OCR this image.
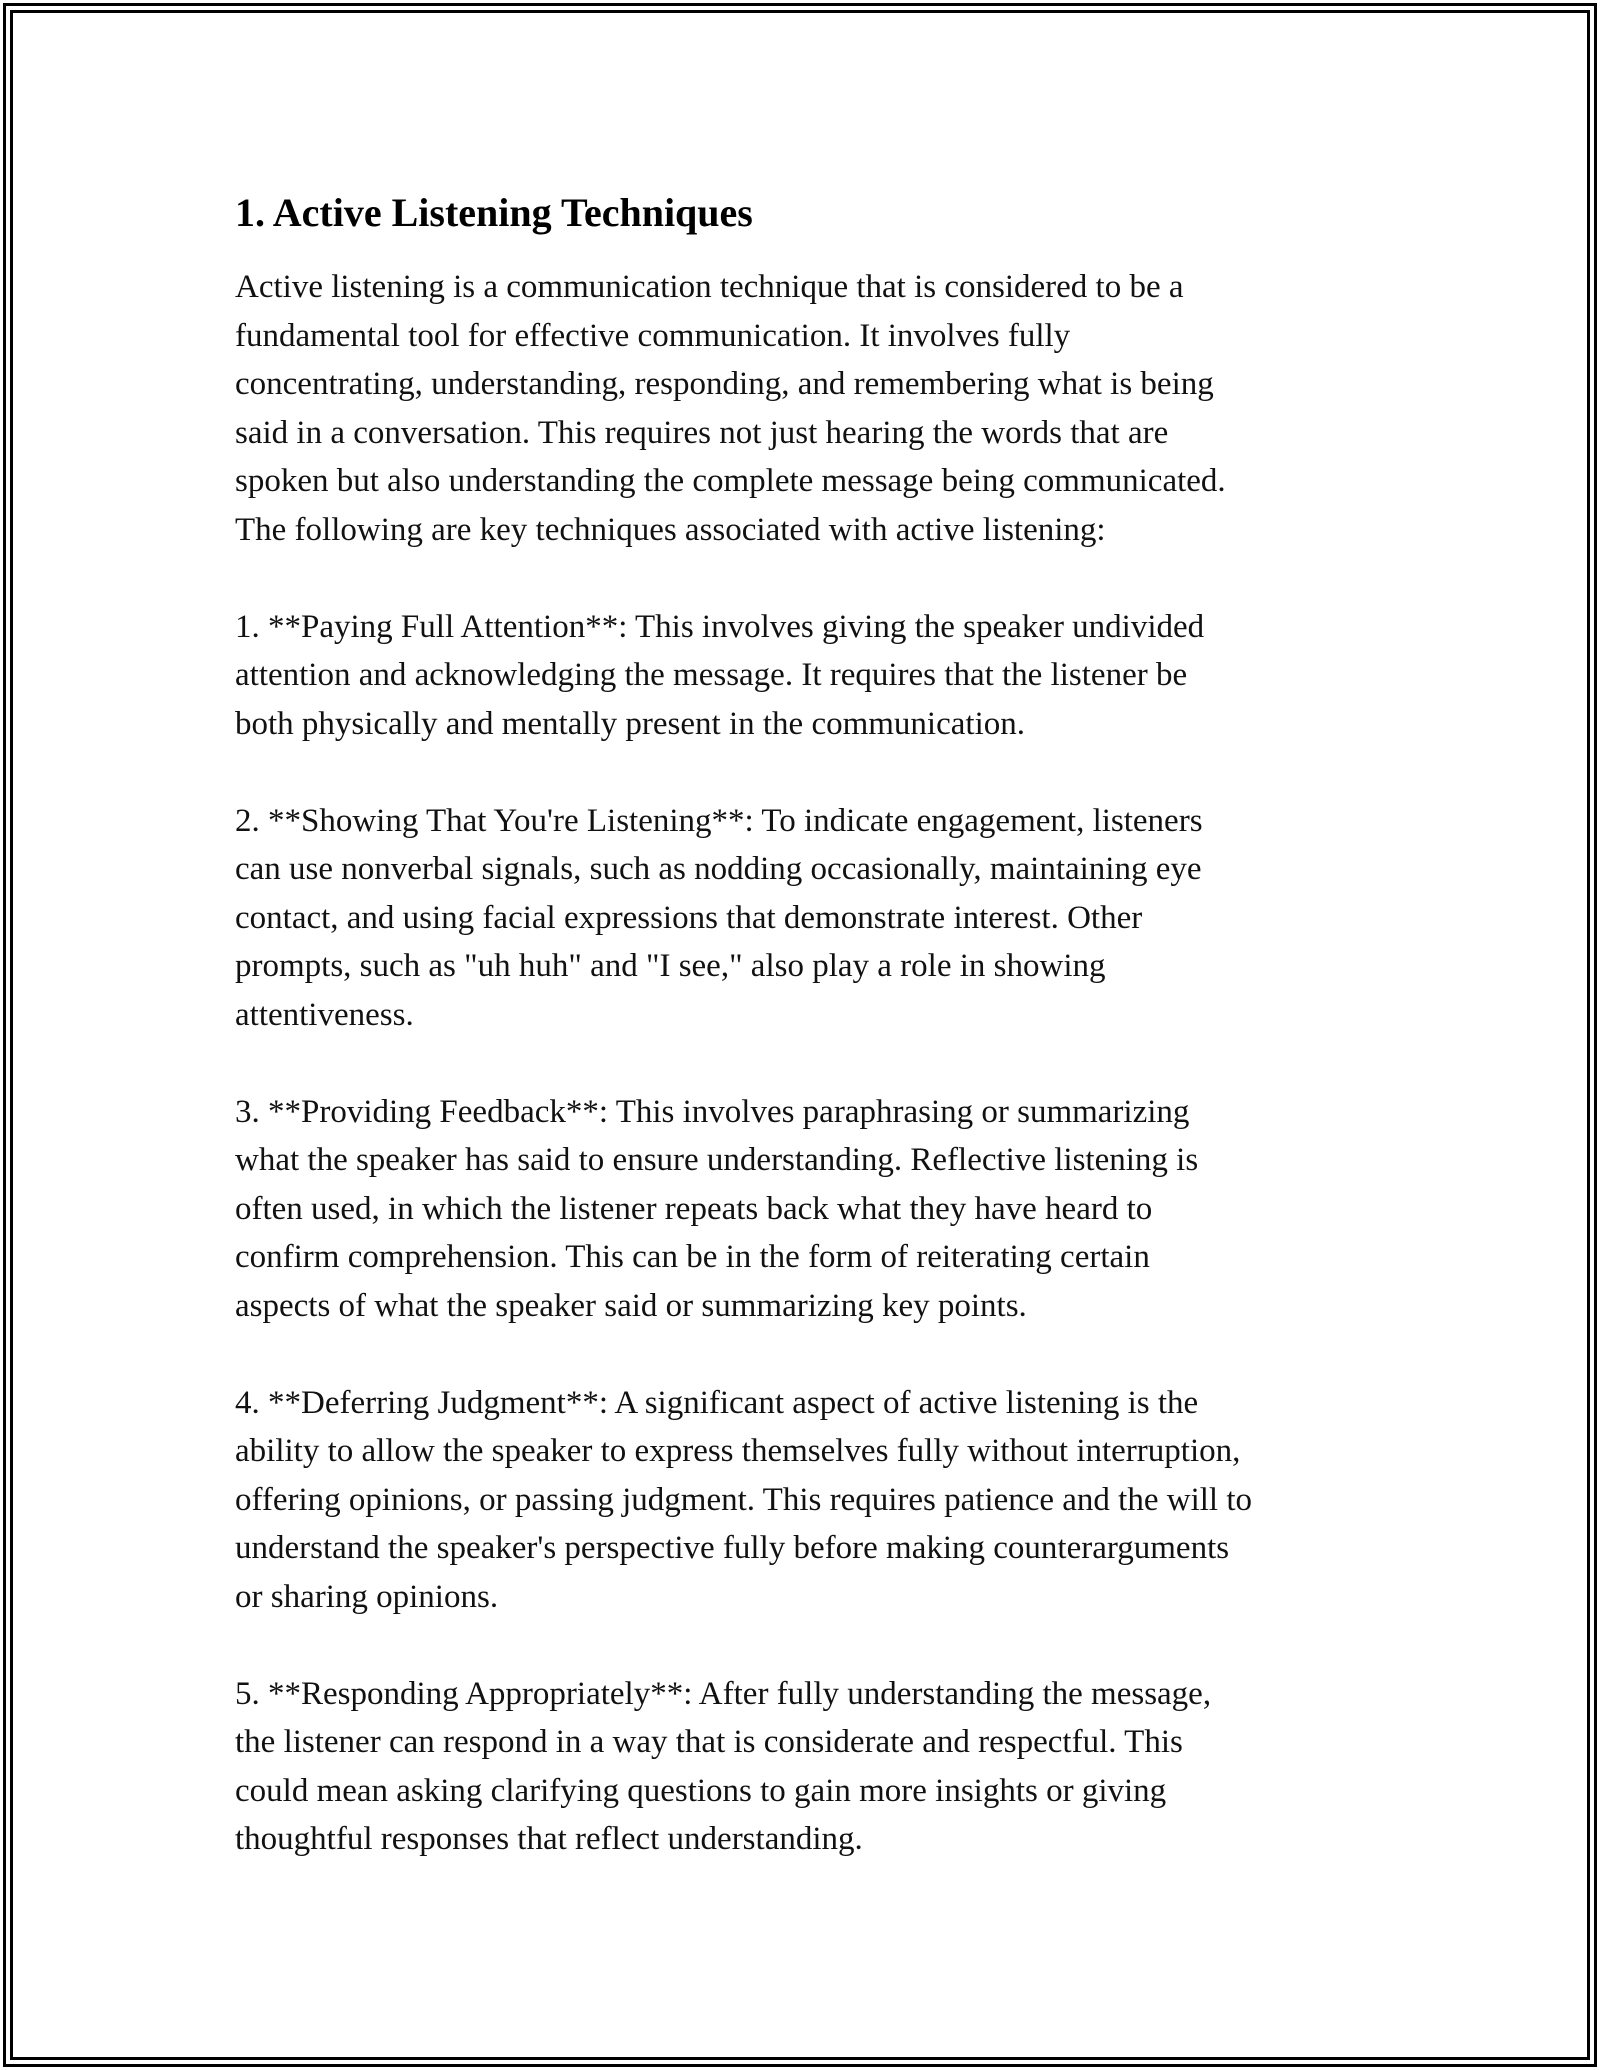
1. Active Listening Techniques

Active listening is a communication technique that is considered to be a
fundamental tool for effective communication. It involves fully
concentrating, understanding, responding, and remembering what is being
said in a conversation. This requires not just hearing the words that are
spoken but also understanding the complete message being communicated.
The following are key techniques associated with active listening:

1. **Paying Full Attention**: This involves giving the speaker undivided
attention and acknowledging the message. It requires that the listener be
both physically and mentally present in the communication.

2. **Showing That You're Listening**: To indicate engagement, listeners
can use nonverbal signals, such as nodding occasionally, maintaining eye
contact, and using facial expressions that demonstrate interest. Other
prompts, such as "uh huh" and "I see," also play a role in showing
attentiveness.

3. **Providing Feedback**: This involves paraphrasing or summarizing
what the speaker has said to ensure understanding. Reflective listening is
often used, in which the listener repeats back what they have heard to
confirm comprehension. This can be in the form of reiterating certain
aspects of what the speaker said or summarizing key points.

4. **Deferring Judgment**: A significant aspect of active listening is the
ability to allow the speaker to express themselves fully without interruption,
offering opinions, or passing judgment. This requires patience and the will to
understand the speaker's perspective fully before making counterarguments
or sharing opinions.

5. **Responding Appropriately**: After fully understanding the message,
the listener can respond in a way that is considerate and respectful. This
could mean asking clarifying questions to gain more insights or giving
thoughtful responses that reflect understanding.
